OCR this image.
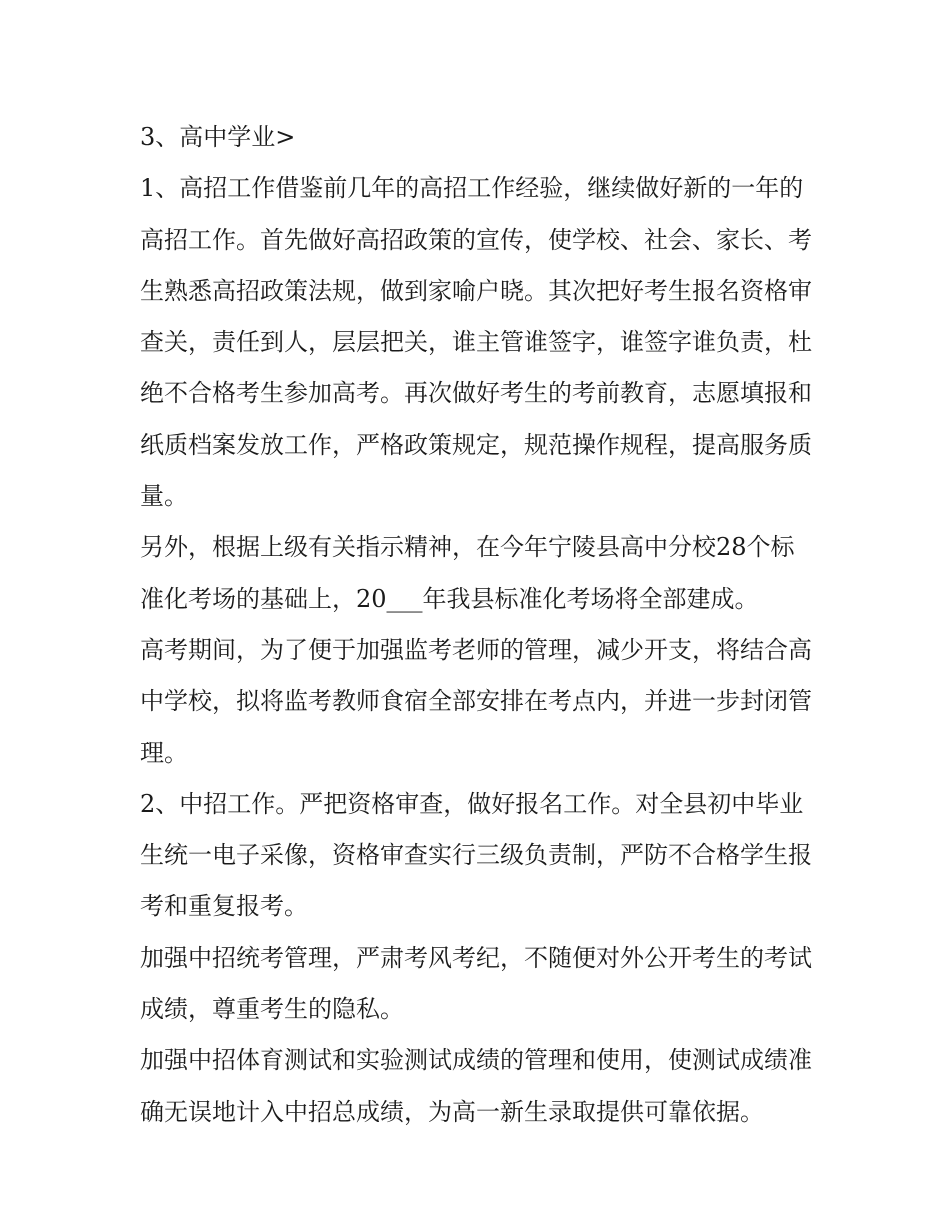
3、高中学业>

1、高招工作借鉴前几年的高招工作经验，继续做好新的一年的高招工作。首先做好高招政策的宣传，使学校、社会、家长、考生熟悉高招政策法规，做到家喻户晓。其次把好考生报名资格审查关，责任到人，层层把关，谁主管谁签字，谁签字谁负责，杜绝不合格考生参加高考。再次做好考生的考前教育，志愿填报和纸质档案发放工作，严格政策规定，规范操作规程，提高服务质量。

另外，根据上级有关指示精神，在今年宁陵县高中分校28个标准化考场的基础上，20___年我县标准化考场将全部建成。

高考期间，为了便于加强监考老师的管理，减少开支，将结合高中学校，拟将监考教师食宿全部安排在考点内，并进一步封闭管理。

2、中招工作。严把资格审查，做好报名工作。对全县初中毕业生统一电子采像，资格审查实行三级负责制，严防不合格学生报考和重复报考。

加强中招统考管理，严肃考风考纪，不随便对外公开考生的考试成绩，尊重考生的隐私。

加强中招体育测试和实验测试成绩的管理和使用，使测试成绩准确无误地计入中招总成绩，为高一新生录取提供可靠依据。
